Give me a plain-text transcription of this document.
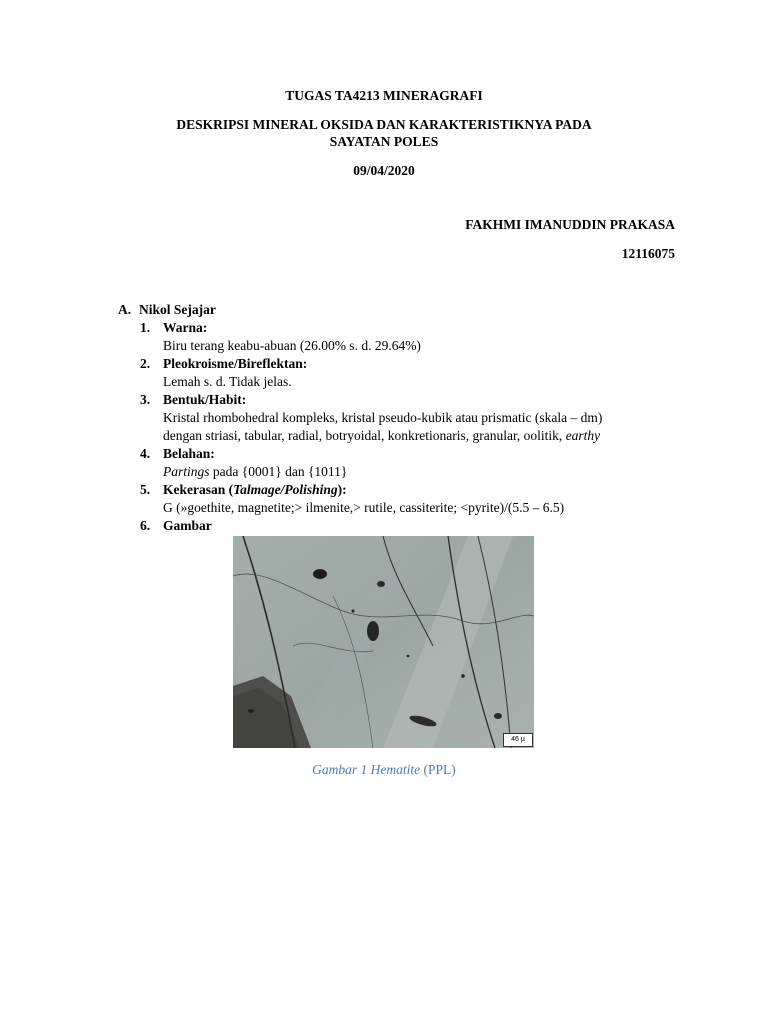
TUGAS TA4213 MINERAGRAFI
DESKRIPSI MINERAL OKSIDA DAN KARAKTERISTIKNYA PADA
SAYATAN POLES
09/04/2020
FAKHMI IMANUDDIN PRAKASA
12116075
A. Nikol Sejajar
1. Warna:
Biru terang keabu-abuan (26.00% s. d. 29.64%)
2. Pleokroisme/Bireflektan:
Lemah s. d. Tidak jelas.
3. Bentuk/Habit:
Kristal rhombohedral kompleks, kristal pseudo-kubik atau prismatic (skala – dm)
dengan striasi, tabular, radial, botryoidal, konkretionaris, granular, oolitik, earthy
4. Belahan:
Partings pada {0001} dan {1011}
5. Kekerasan (Talmage/Polishing):
G (»goethite, magnetite;> ilmenite,> rutile, cassiterite; <pyrite)/(5.5 – 6.5)
6. Gambar
46 µ
Gambar 1 Hematite (PPL)
